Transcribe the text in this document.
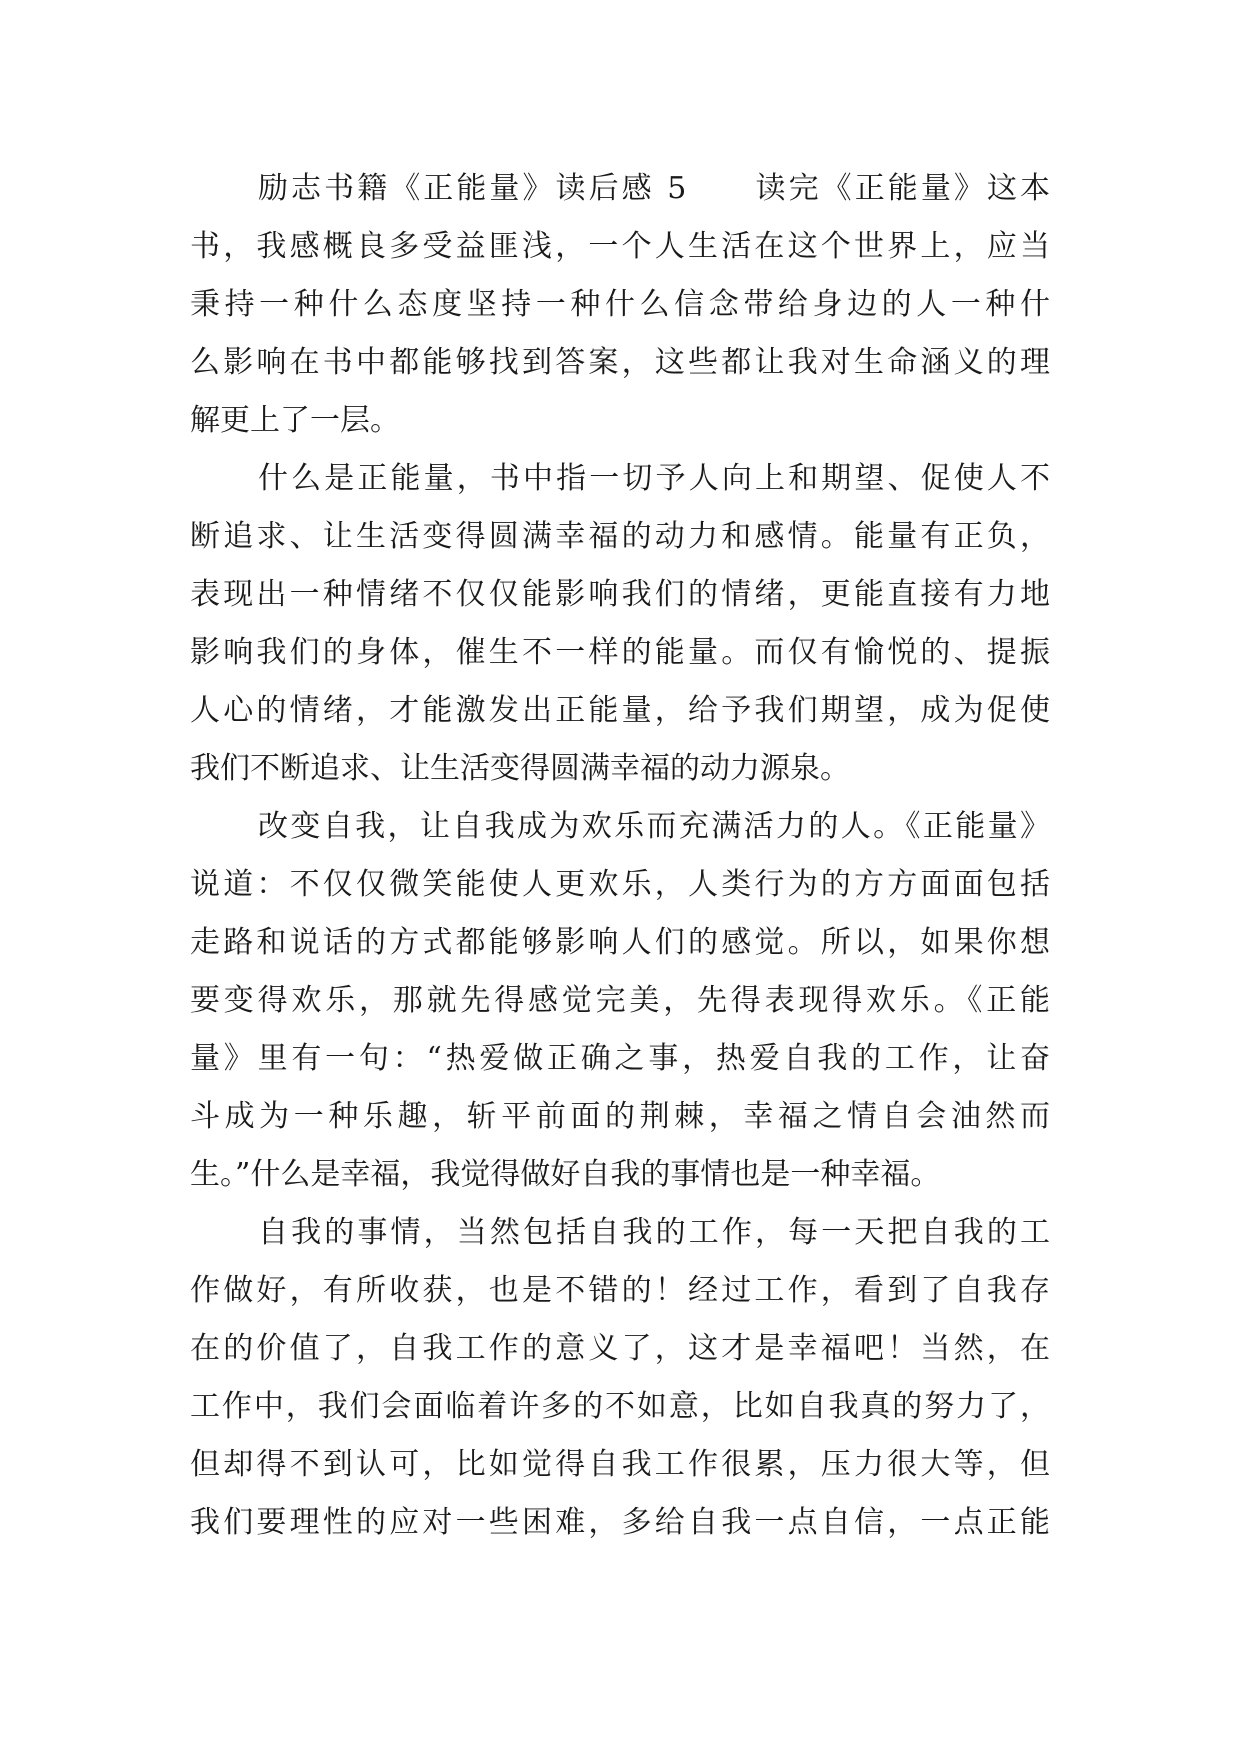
励志书籍《正能量》读后感 5　　读完《正能量》这本
书，我感概良多受益匪浅，一个人生活在这个世界上，应当
秉持一种什么态度坚持一种什么信念带给身边的人一种什
么影响在书中都能够找到答案，这些都让我对生命涵义的理
解更上了一层。
什么是正能量，书中指一切予人向上和期望、促使人不
断追求、让生活变得圆满幸福的动力和感情。能量有正负，
表现出一种情绪不仅仅能影响我们的情绪，更能直接有力地
影响我们的身体，催生不一样的能量。而仅有愉悦的、提振
人心的情绪，才能激发出正能量，给予我们期望，成为促使
我们不断追求、让生活变得圆满幸福的动力源泉。
改变自我，让自我成为欢乐而充满活力的人。《正能量》
说道：不仅仅微笑能使人更欢乐，人类行为的方方面面包括
走路和说话的方式都能够影响人们的感觉。所以，如果你想
要变得欢乐，那就先得感觉完美，先得表现得欢乐。《正能
量》里有一句：“热爱做正确之事，热爱自我的工作，让奋
斗成为一种乐趣，斩平前面的荆棘，幸福之情自会油然而
生。”什么是幸福，我觉得做好自我的事情也是一种幸福。
自我的事情，当然包括自我的工作，每一天把自我的工
作做好，有所收获，也是不错的！经过工作，看到了自我存
在的价值了，自我工作的意义了，这才是幸福吧！当然，在
工作中，我们会面临着许多的不如意，比如自我真的努力了，
但却得不到认可，比如觉得自我工作很累，压力很大等，但
我们要理性的应对一些困难，多给自我一点自信，一点正能
